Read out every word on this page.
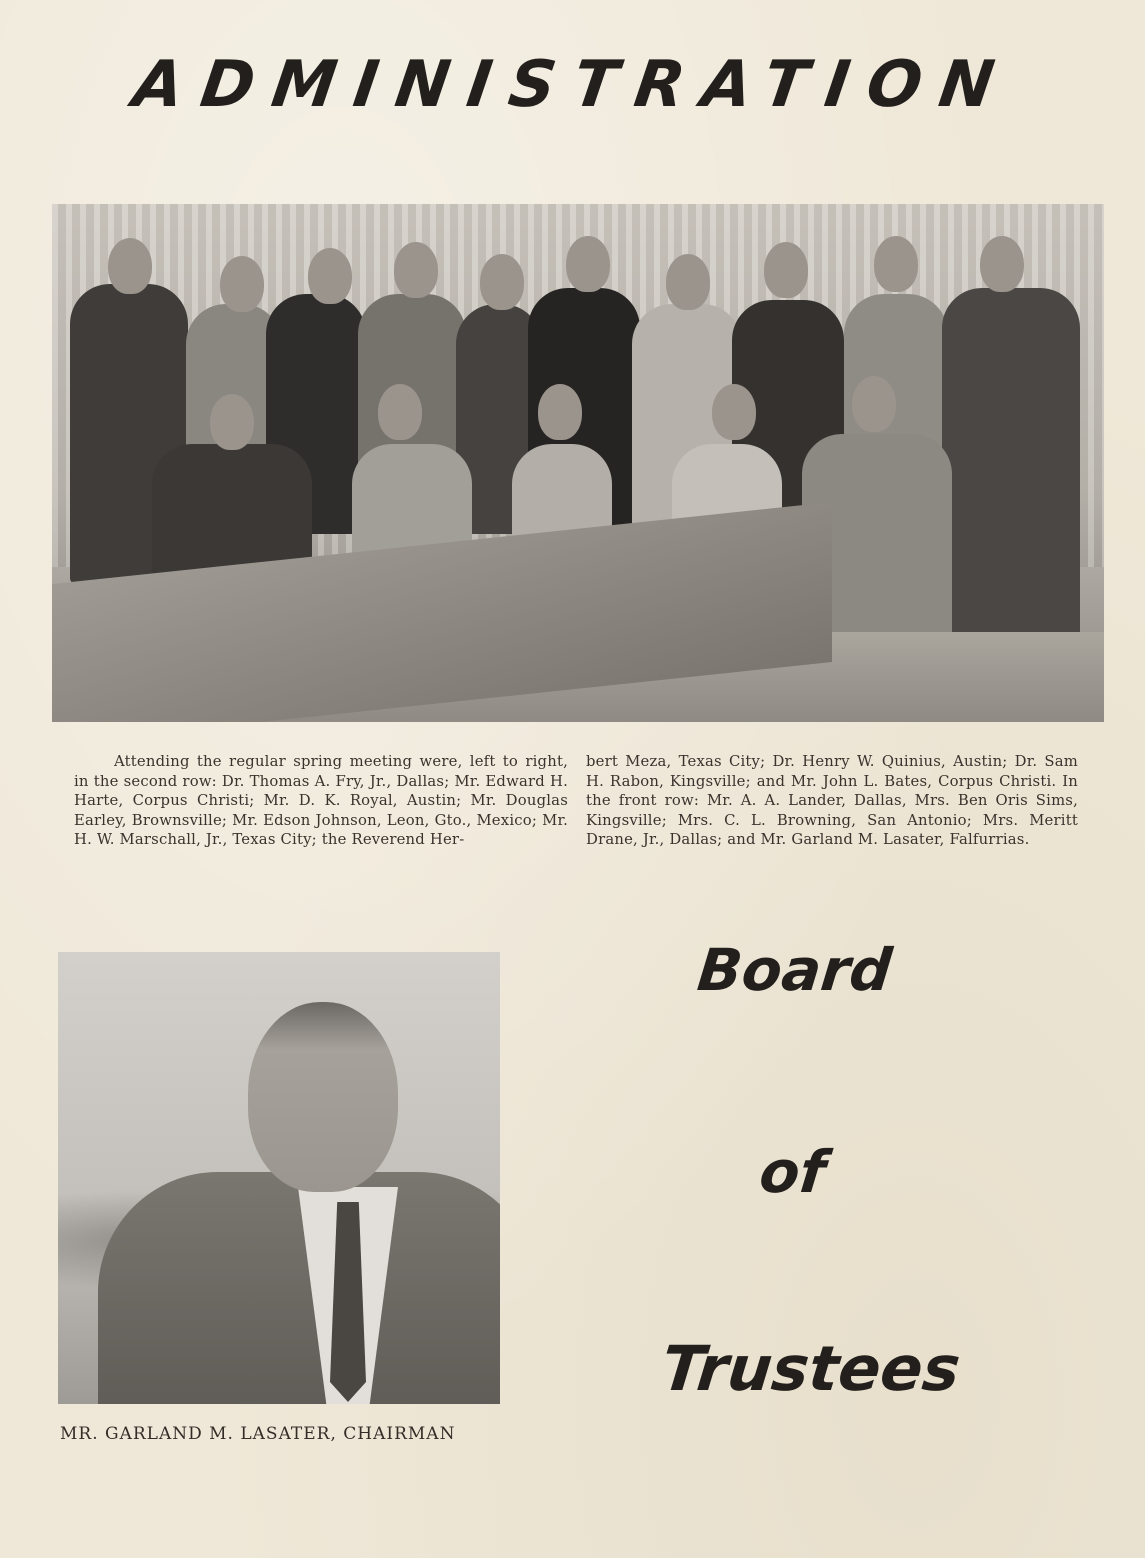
ADMINISTRATION
Attending the regular spring meeting were, left to right, in the second row: Dr. Thomas A. Fry, Jr., Dallas; Mr. Edward H. Harte, Corpus Christi; Mr. D. K. Royal, Austin; Mr. Douglas Earley, Brownsville; Mr. Edson Johnson, Leon, Gto., Mexico; Mr. H. W. Marschall, Jr., Texas City; the Reverend Her-
bert Meza, Texas City; Dr. Henry W. Quinius, Austin; Dr. Sam H. Rabon, Kingsville; and Mr. John L. Bates, Corpus Christi. In the front row: Mr. A. A. Lander, Dallas, Mrs. Ben Oris Sims, Kingsville; Mrs. C. L. Browning, San Antonio; Mrs. Meritt Drane, Jr., Dallas; and Mr. Garland M. Lasater, Falfurrias.
MR. GARLAND M. LASATER, CHAIRMAN
Board
of
Trustees
